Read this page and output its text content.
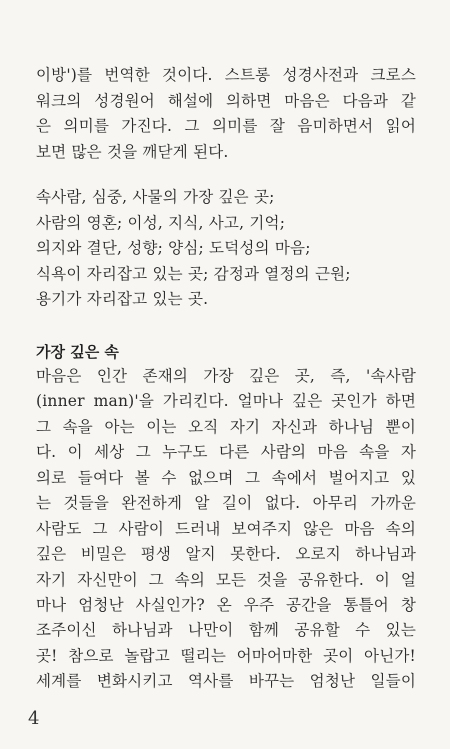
이방')를 번역한 것이다. 스트롱 성경사전과 크로스
워크의 성경원어 해설에 의하면 마음은 다음과 같
은 의미를 가진다. 그 의미를 잘 음미하면서 읽어
보면 많은 것을 깨닫게 된다.
속사람, 심중, 사물의 가장 깊은 곳;
사람의 영혼; 이성, 지식, 사고, 기억;
의지와 결단, 성향; 양심; 도덕성의 마음;
식욕이 자리잡고 있는 곳; 감정과 열정의 근원;
용기가 자리잡고 있는 곳.
가장 깊은 속
마음은 인간 존재의 가장 깊은 곳, 즉, '속사람
(inner man)'을 가리킨다. 얼마나 깊은 곳인가 하면
그 속을 아는 이는 오직 자기 자신과 하나님 뿐이
다. 이 세상 그 누구도 다른 사람의 마음 속을 자
의로 들여다 볼 수 없으며 그 속에서 벌어지고 있
는 것들을 완전하게 알 길이 없다. 아무리 가까운
사람도 그 사람이 드러내 보여주지 않은 마음 속의
깊은 비밀은 평생 알지 못한다. 오로지 하나님과
자기 자신만이 그 속의 모든 것을 공유한다. 이 얼
마나 엄청난 사실인가? 온 우주 공간을 통틀어 창
조주이신 하나님과 나만이 함께 공유할 수 있는
곳! 참으로 놀랍고 떨리는 어마어마한 곳이 아닌가!
세계를 변화시키고 역사를 바꾸는 엄청난 일들이
4
